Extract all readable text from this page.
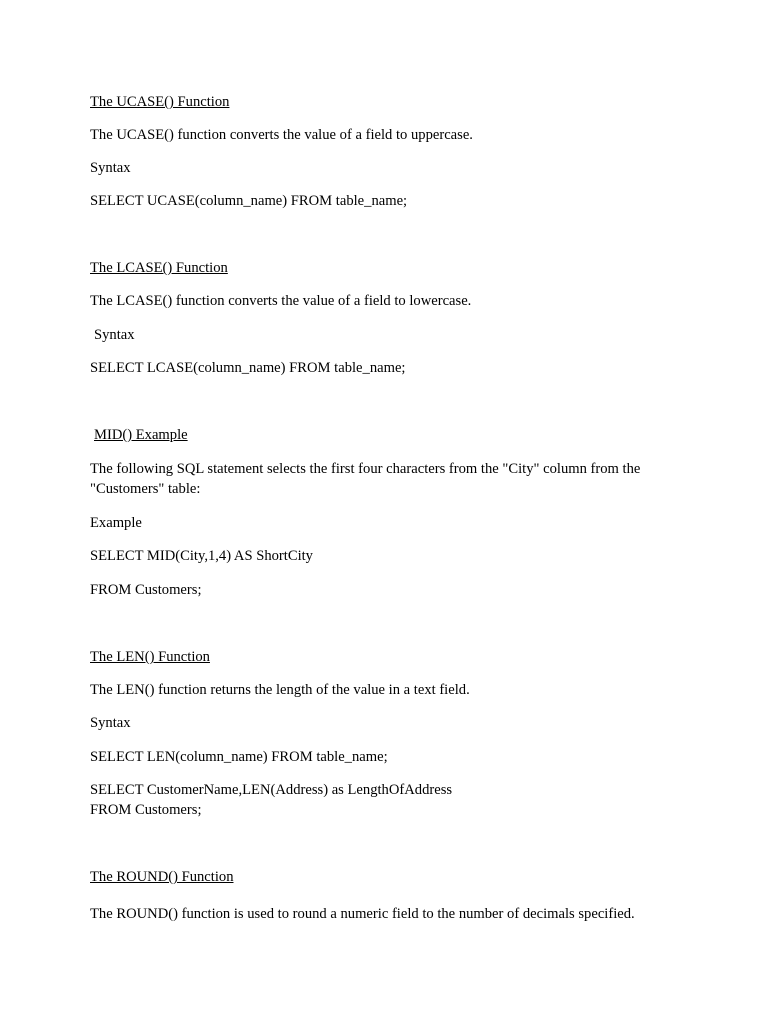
The UCASE() Function
The UCASE() function converts the value of a field to uppercase.
Syntax
SELECT UCASE(column_name) FROM table_name;
The LCASE() Function
The LCASE() function converts the value of a field to lowercase.
Syntax
SELECT LCASE(column_name) FROM table_name;
MID() Example
The following SQL statement selects the first four characters from the "City" column from the "Customers" table:
Example
SELECT MID(City,1,4) AS ShortCity
FROM Customers;
The LEN() Function
The LEN() function returns the length of the value in a text field.
Syntax
SELECT LEN(column_name) FROM table_name;
SELECT CustomerName,LEN(Address) as LengthOfAddress
FROM Customers;
The ROUND() Function
The ROUND() function is used to round a numeric field to the number of decimals specified.
